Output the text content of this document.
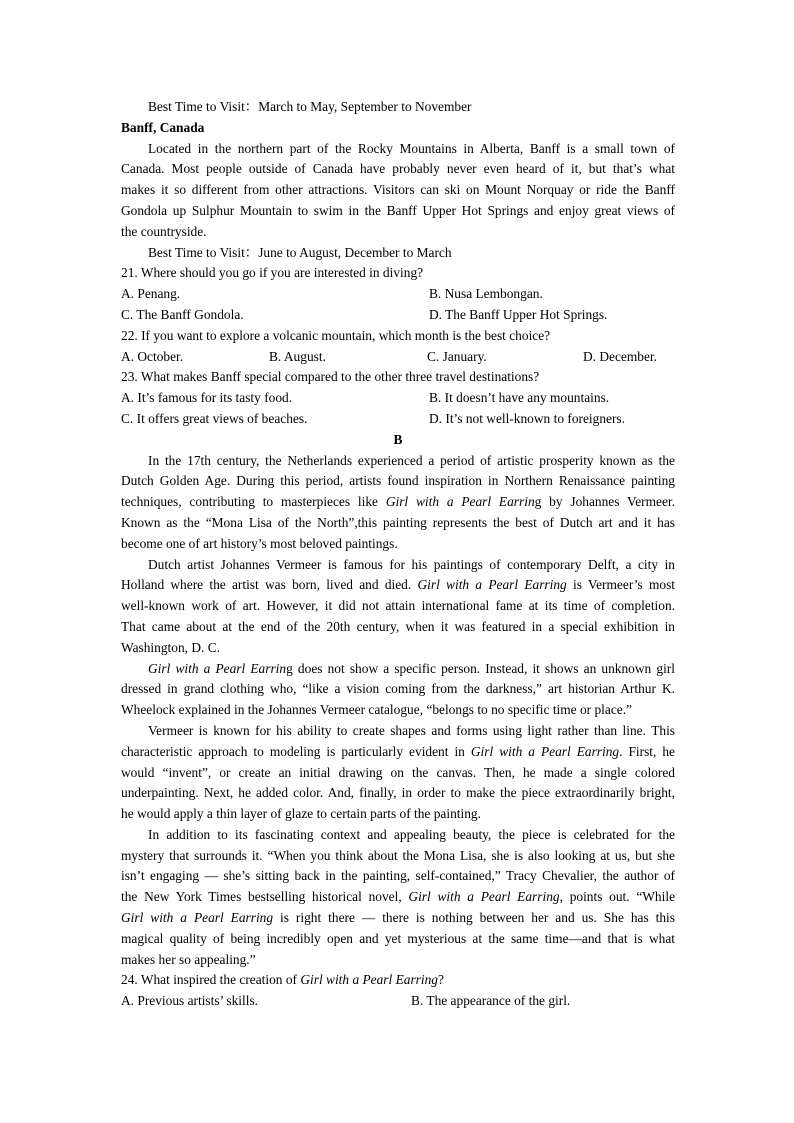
Best Time to Visit：March to May, September to November
Banff, Canada
Located in the northern part of the Rocky Mountains in Alberta, Banff is a small town of
Canada. Most people outside of Canada have probably never even heard of it, but that’s what
makes it so different from other attractions. Visitors can ski on Mount Norquay or ride the Banff
Gondola up Sulphur Mountain to swim in the Banff Upper Hot Springs and enjoy great views of
the countryside.
Best Time to Visit：June to August, December to March
21. Where should you go if you are interested in diving?
A. Penang.	B. Nusa Lembongan.
C. The Banff Gondola.	D. The Banff Upper Hot Springs.
22. If you want to explore a volcanic mountain, which month is the best choice?
A. October.	B. August.	C. January.	D. December.
23. What makes Banff special compared to the other three travel destinations?
A. It’s famous for its tasty food.	B. It doesn’t have any mountains.
C. It offers great views of beaches.	D. It’s not well-known to foreigners.
B
In the 17th century, the Netherlands experienced a period of artistic prosperity known as the
Dutch Golden Age. During this period, artists found inspiration in Northern Renaissance painting
techniques, contributing to masterpieces like Girl with a Pearl Earring by Johannes Vermeer.
Known as the “Mona Lisa of the North”,this painting represents the best of Dutch art and it has
become one of art history’s most beloved paintings.
Dutch artist Johannes Vermeer is famous for his paintings of contemporary Delft, a city in
Holland where the artist was born, lived and died. Girl with a Pearl Earring is Vermeer’s most
well-known work of art. However, it did not attain international fame at its time of completion.
That came about at the end of the 20th century, when it was featured in a special exhibition in
Washington, D. C.
Girl with a Pearl Earring does not show a specific person. Instead, it shows an unknown girl
dressed in grand clothing who, “like a vision coming from the darkness,” art historian Arthur K.
Wheelock explained in the Johannes Vermeer catalogue, “belongs to no specific time or place.”
Vermeer is known for his ability to create shapes and forms using light rather than line. This
characteristic approach to modeling is particularly evident in Girl with a Pearl Earring. First, he
would “invent”, or create an initial drawing on the canvas. Then, he made a single colored
underpainting. Next, he added color. And, finally, in order to make the piece extraordinarily bright,
he would apply a thin layer of glaze to certain parts of the painting.
In addition to its fascinating context and appealing beauty, the piece is celebrated for the
mystery that surrounds it. “When you think about the Mona Lisa, she is also looking at us, but she
isn’t engaging — she’s sitting back in the painting, self-contained,” Tracy Chevalier, the author of
the New York Times bestselling historical novel, Girl with a Pearl Earring, points out. “While
Girl with a Pearl Earring is right there — there is nothing between her and us. She has this
magical quality of being incredibly open and yet mysterious at the same time—and that is what
makes her so appealing.”
24. What inspired the creation of Girl with a Pearl Earring?
A. Previous artists’ skills.	B. The appearance of the girl.
